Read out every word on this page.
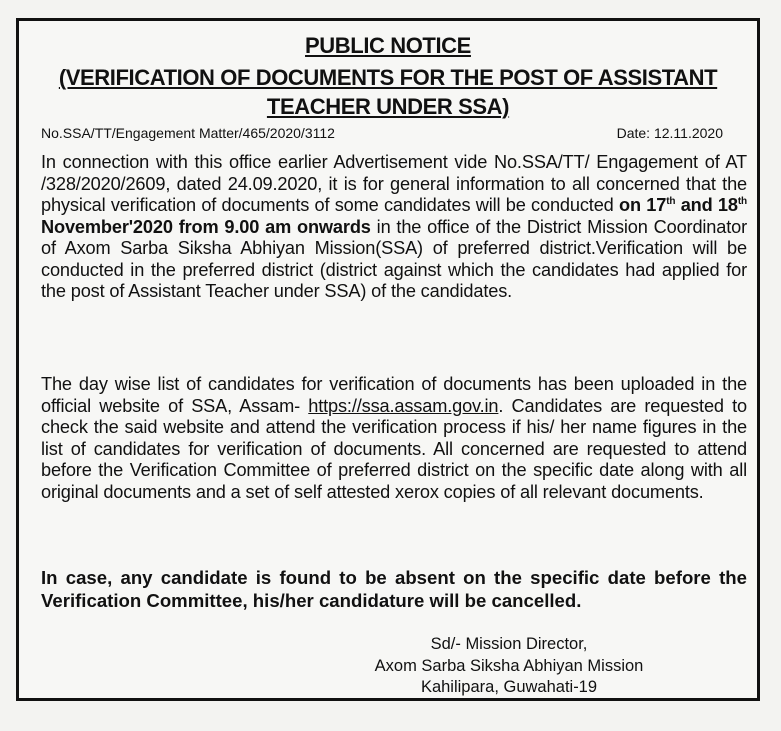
PUBLIC NOTICE
(VERIFICATION OF DOCUMENTS FOR THE POST OF ASSISTANT TEACHER UNDER SSA)
No.SSA/TT/Engagement Matter/465/2020/3112	Date: 12.11.2020
In connection with this office earlier Advertisement vide No.SSA/TT/ Engagement of AT /328/2020/2609, dated 24.09.2020, it is for general information to all concerned that the physical verification of documents of some candidates will be conducted on 17th and 18th November'2020 from 9.00 am onwards in the office of the District Mission Coordinator of Axom Sarba Siksha Abhiyan Mission(SSA) of preferred district.Verification will be conducted in the preferred district (district against which the candidates had applied for the post of Assistant Teacher under SSA) of the candidates.
The day wise list of candidates for verification of documents has been uploaded in the official website of SSA, Assam- https://ssa.assam.gov.in. Candidates are requested to check the said website and attend the verification process if his/ her name figures in the list of candidates for verification of documents. All concerned are requested to attend before the Verification Committee of preferred district on the specific date along with all original documents and a set of self attested xerox copies of all relevant documents.
In case, any candidate is found to be absent on the specific date before the Verification Committee, his/her candidature will be cancelled.
Sd/- Mission Director,
Axom Sarba Siksha Abhiyan Mission
Kahilipara, Guwahati-19
